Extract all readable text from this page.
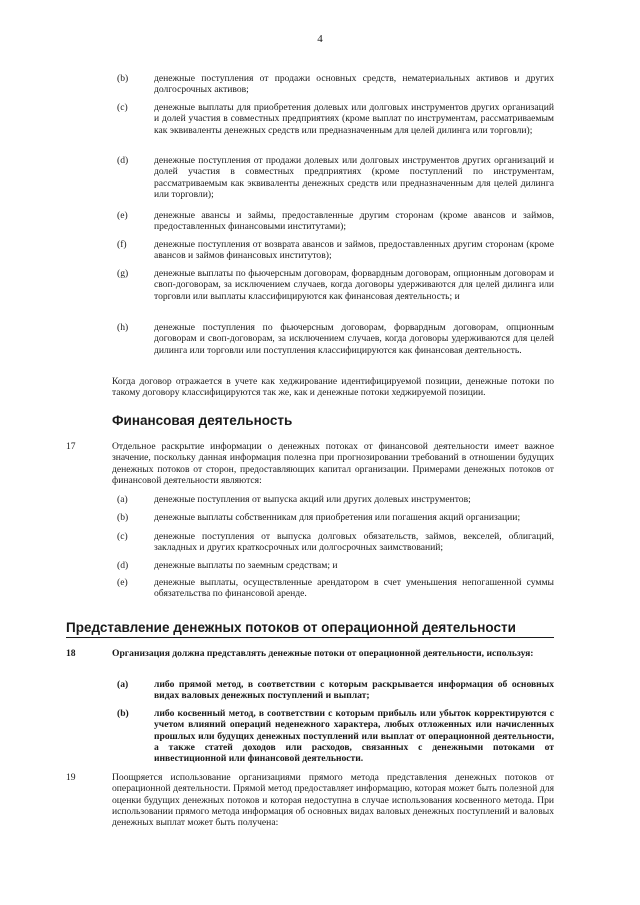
4
(b)	денежные поступления от продажи основных средств, нематериальных активов и других долгосрочных активов;
(c)	денежные выплаты для приобретения долевых или долговых инструментов других организаций и долей участия в совместных предприятиях (кроме выплат по инструментам, рассматриваемым как эквиваленты денежных средств или предназначенным для целей дилинга или торговли);
(d)	денежные поступления от продажи долевых или долговых инструментов других организаций и долей участия в совместных предприятиях (кроме поступлений по инструментам, рассматриваемым как эквиваленты денежных средств или предназначенным для целей дилинга или торговли);
(e)	денежные авансы и займы, предоставленные другим сторонам (кроме авансов и займов, предоставленных финансовыми институтами);
(f)	денежные поступления от возврата авансов и займов, предоставленных другим сторонам (кроме авансов и займов финансовых институтов);
(g)	денежные выплаты по фьючерсным договорам, форвардным договорам, опционным договорам и своп-договорам, за исключением случаев, когда договоры удерживаются для целей дилинга или торговли или выплаты классифицируются как финансовая деятельность; и
(h)	денежные поступления по фьючерсным договорам, форвардным договорам, опционным договорам и своп-договорам, за исключением случаев, когда договоры удерживаются для целей дилинга или торговли или поступления классифицируются как финансовая деятельность.
Когда договор отражается в учете как хеджирование идентифицируемой позиции, денежные потоки по такому договору классифицируются так же, как и денежные потоки хеджируемой позиции.
Финансовая деятельность
17	Отдельное раскрытие информации о денежных потоках от финансовой деятельности имеет важное значение, поскольку данная информация полезна при прогнозировании требований в отношении будущих денежных потоков от сторон, предоставляющих капитал организации. Примерами денежных потоков от финансовой деятельности являются:
(a)	денежные поступления от выпуска акций или других долевых инструментов;
(b)	денежные выплаты собственникам для приобретения или погашения акций организации;
(c)	денежные поступления от выпуска долговых обязательств, займов, векселей, облигаций, закладных и других краткосрочных или долгосрочных заимствований;
(d)	денежные выплаты по заемным средствам; и
(e)	денежные выплаты, осуществленные арендатором в счет уменьшения непогашенной суммы обязательства по финансовой аренде.
Представление денежных потоков от операционной деятельности
18	Организация должна представлять денежные потоки от операционной деятельности, используя:
(a)	либо прямой метод, в соответствии с которым раскрывается информация об основных видах валовых денежных поступлений и выплат;
(b)	либо косвенный метод, в соответствии с которым прибыль или убыток корректируются с учетом влияний операций неденежного характера, любых отложенных или начисленных прошлых или будущих денежных поступлений или выплат от операционной деятельности, а также статей доходов или расходов, связанных с денежными потоками от инвестиционной или финансовой деятельности.
19	Поощряется использование организациями прямого метода представления денежных потоков от операционной деятельности. Прямой метод предоставляет информацию, которая может быть полезной для оценки будущих денежных потоков и которая недоступна в случае использования косвенного метода. При использовании прямого метода информация об основных видах валовых денежных поступлений и валовых денежных выплат может быть получена:
